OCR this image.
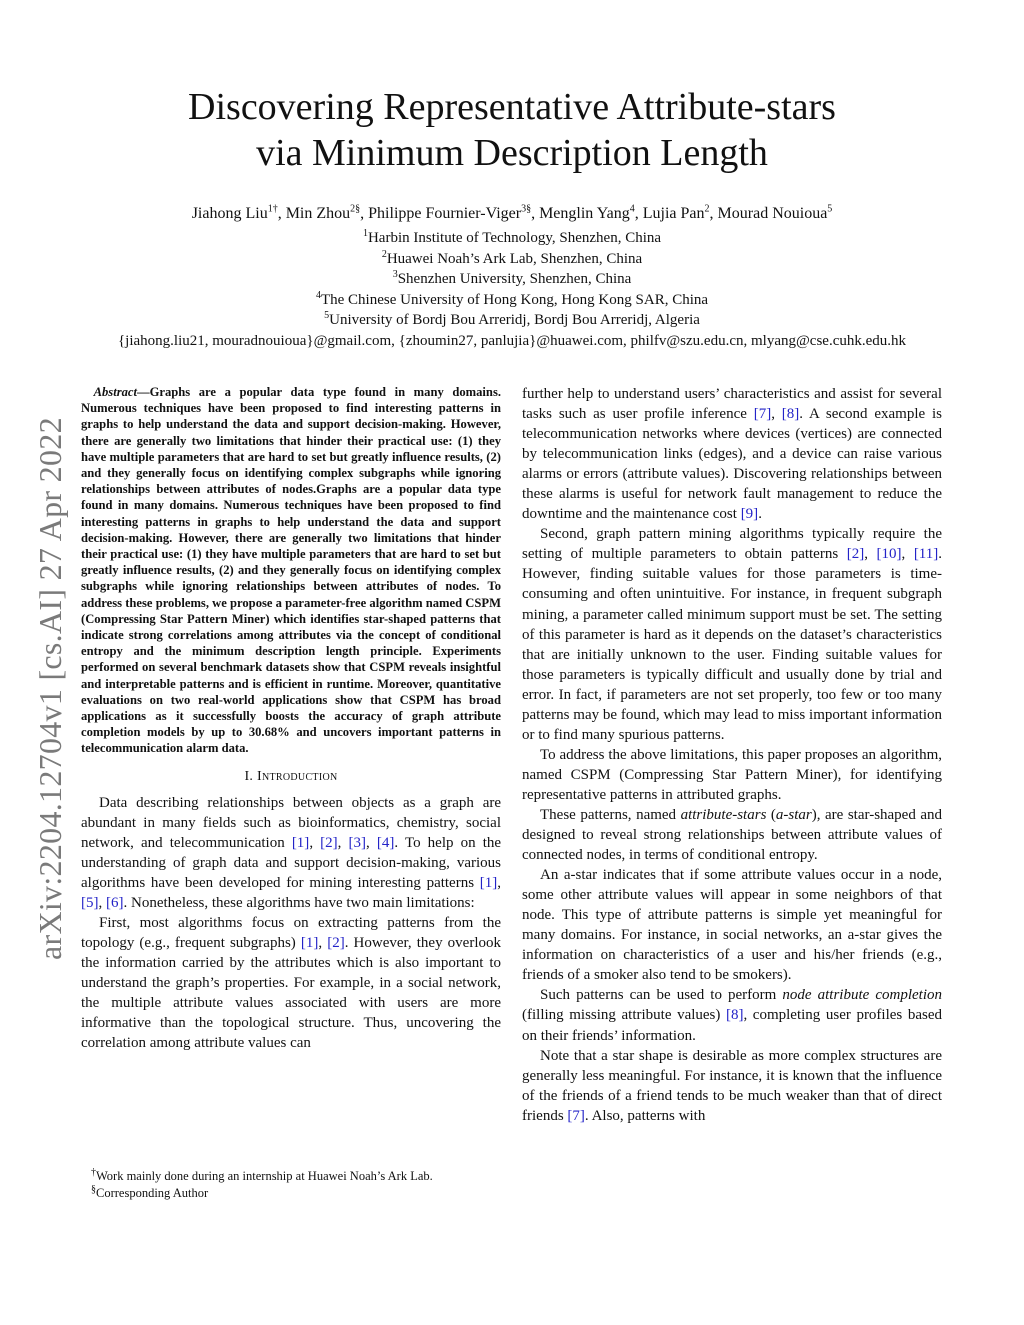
arXiv:2204.12704v1 [cs.AI] 27 Apr 2022
Discovering Representative Attribute-stars
via Minimum Description Length
Jiahong Liu$^{1\dagger}$, Min Zhou$^{2\S}$, Philippe Fournier-Viger$^{3\S}$, Menglin Yang$^4$, Lujia Pan$^2$, Mourad Nouioua$^5$
$^1$Harbin Institute of Technology, Shenzhen, China
$^2$Huawei Noah’s Ark Lab, Shenzhen, China
$^3$Shenzhen University, Shenzhen, China
$^4$The Chinese University of Hong Kong, Hong Kong SAR, China
$^5$University of Bordj Bou Arreridj, Bordj Bou Arreridj, Algeria
{jiahong.liu21, mouradnouioua}@gmail.com, {zhoumin27, panlujia}@huawei.com, philfv@szu.edu.cn, mlyang@cse.cuhk.edu.hk

Abstract—Graphs are a popular data type found in many domains. Numerous techniques have been proposed to find interesting patterns in graphs to help understand the data and support decision-making. However, there are generally two limitations that hinder their practical use: (1) they have multiple parameters that are hard to set but greatly influence results, (2) and they generally focus on identifying complex subgraphs while ignoring relationships between attributes of nodes.Graphs are a popular data type found in many domains. Numerous techniques have been proposed to find interesting patterns in graphs to help understand the data and support decision-making. However, there are generally two limitations that hinder their practical use: (1) they have multiple parameters that are hard to set but greatly influence results, (2) and they generally focus on identifying complex subgraphs while ignoring relationships between attributes of nodes. To address these problems, we propose a parameter-free algorithm named CSPM (Compressing Star Pattern Miner) which identifies star-shaped patterns that indicate strong correlations among attributes via the concept of conditional entropy and the minimum description length principle. Experiments performed on several benchmark datasets show that CSPM reveals insightful and interpretable patterns and is efficient in runtime. Moreover, quantitative evaluations on two real-world applications show that CSPM has broad applications as it successfully boosts the accuracy of graph attribute completion models by up to 30.68% and uncovers important patterns in telecommunication alarm data.

I. Introduction

Data describing relationships between objects as a graph are abundant in many fields such as bioinformatics, chemistry, social network, and telecommunication [1], [2], [3], [4]. To help on the understanding of graph data and support decision-making, various algorithms have been developed for mining interesting patterns [1], [5], [6]. Nonetheless, these algorithms have two main limitations:

First, most algorithms focus on extracting patterns from the topology (e.g., frequent subgraphs) [1], [2]. However, they overlook the information carried by the attributes which is also important to understand the graph’s properties. For example, in a social network, the multiple attribute values associated with users are more informative than the topological structure. Thus, uncovering the correlation among attribute values can

further help to understand users’ characteristics and assist for several tasks such as user profile inference [7], [8]. A second example is telecommunication networks where devices (vertices) are connected by telecommunication links (edges), and a device can raise various alarms or errors (attribute values). Discovering relationships between these alarms is useful for network fault management to reduce the downtime and the maintenance cost [9].

Second, graph pattern mining algorithms typically require the setting of multiple parameters to obtain patterns [2], [10], [11]. However, finding suitable values for those parameters is time-consuming and often unintuitive. For instance, in frequent subgraph mining, a parameter called minimum support must be set. The setting of this parameter is hard as it depends on the dataset’s characteristics that are initially unknown to the user. Finding suitable values for those parameters is typically difficult and usually done by trial and error. In fact, if parameters are not set properly, too few or too many patterns may be found, which may lead to miss important information or to find many spurious patterns.

To address the above limitations, this paper proposes an algorithm, named CSPM (Compressing Star Pattern Miner), for identifying representative patterns in attributed graphs.

These patterns, named attribute-stars (a-star), are star-shaped and designed to reveal strong relationships between attribute values of connected nodes, in terms of conditional entropy.

An a-star indicates that if some attribute values occur in a node, some other attribute values will appear in some neighbors of that node. This type of attribute patterns is simple yet meaningful for many domains. For instance, in social networks, an a-star gives the information on characteristics of a user and his/her friends (e.g., friends of a smoker also tend to be smokers).

Such patterns can be used to perform node attribute completion (filling missing attribute values) [8], completing user profiles based on their friends’ information.

Note that a star shape is desirable as more complex structures are generally less meaningful. For instance, it is known that the influence of the friends of a friend tends to be much weaker than that of direct friends [7]. Also, patterns with

†Work mainly done during an internship at Huawei Noah’s Ark Lab.
§Corresponding Author
